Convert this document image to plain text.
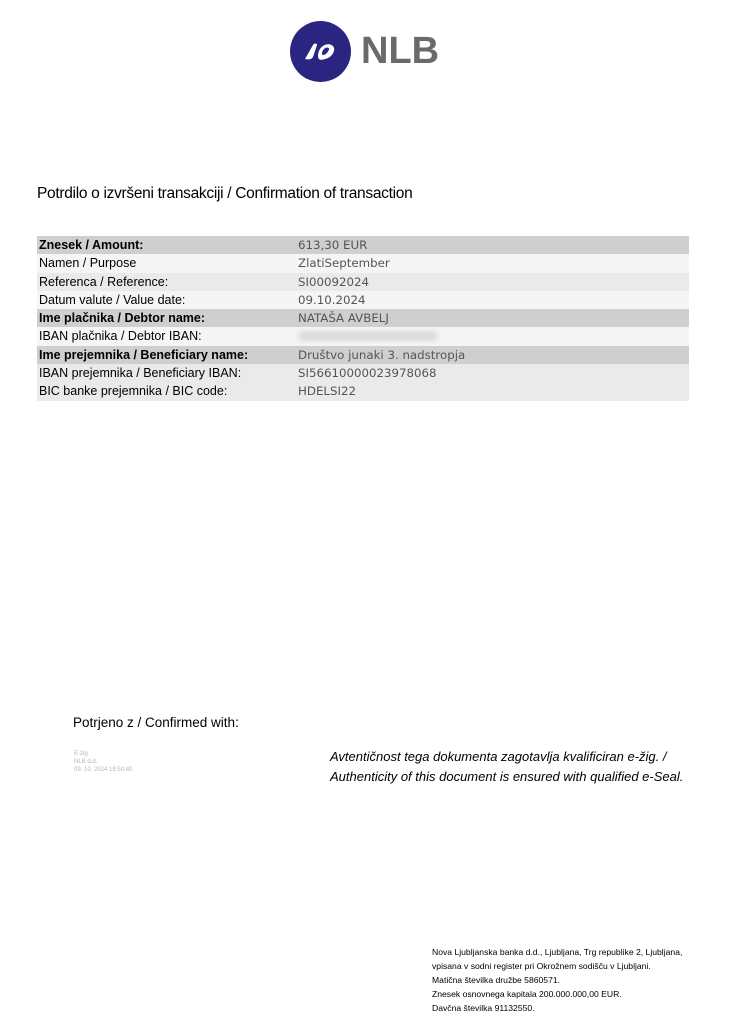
NLB
Potrdilo o izvršeni transakciji / Confirmation of transaction
Znesek / Amount:	613,30 EUR
Namen / Purpose	ZlatiSeptember
Referenca / Reference:	SI00092024
Datum valute / Value date:	09.10.2024
Ime plačnika / Debtor name:	NATAŠA AVBELJ
IBAN plačnika / Debtor IBAN:
Ime prejemnika / Beneficiary name:	Društvo junaki 3. nadstropja
IBAN prejemnika / Beneficiary IBAN:	SI56610000023978068
BIC banke prejemnika / BIC code:	HDELSI22
Potrjeno z / Confirmed with:
E-žig
NLB d.d.
09. 10. 2024 19:50:40
Avtentičnost tega dokumenta zagotavlja kvalificiran e-žig. /
Authenticity of this document is ensured with qualified e-Seal.
Nova Ljubljanska banka d.d., Ljubljana, Trg republike 2, Ljubljana,
vpisana v sodni register pri Okrožnem sodišču v Ljubljani.
Matična številka družbe 5860571.
Znesek osnovnega kapitala 200.000.000,00 EUR.
Davčna številka 91132550.
